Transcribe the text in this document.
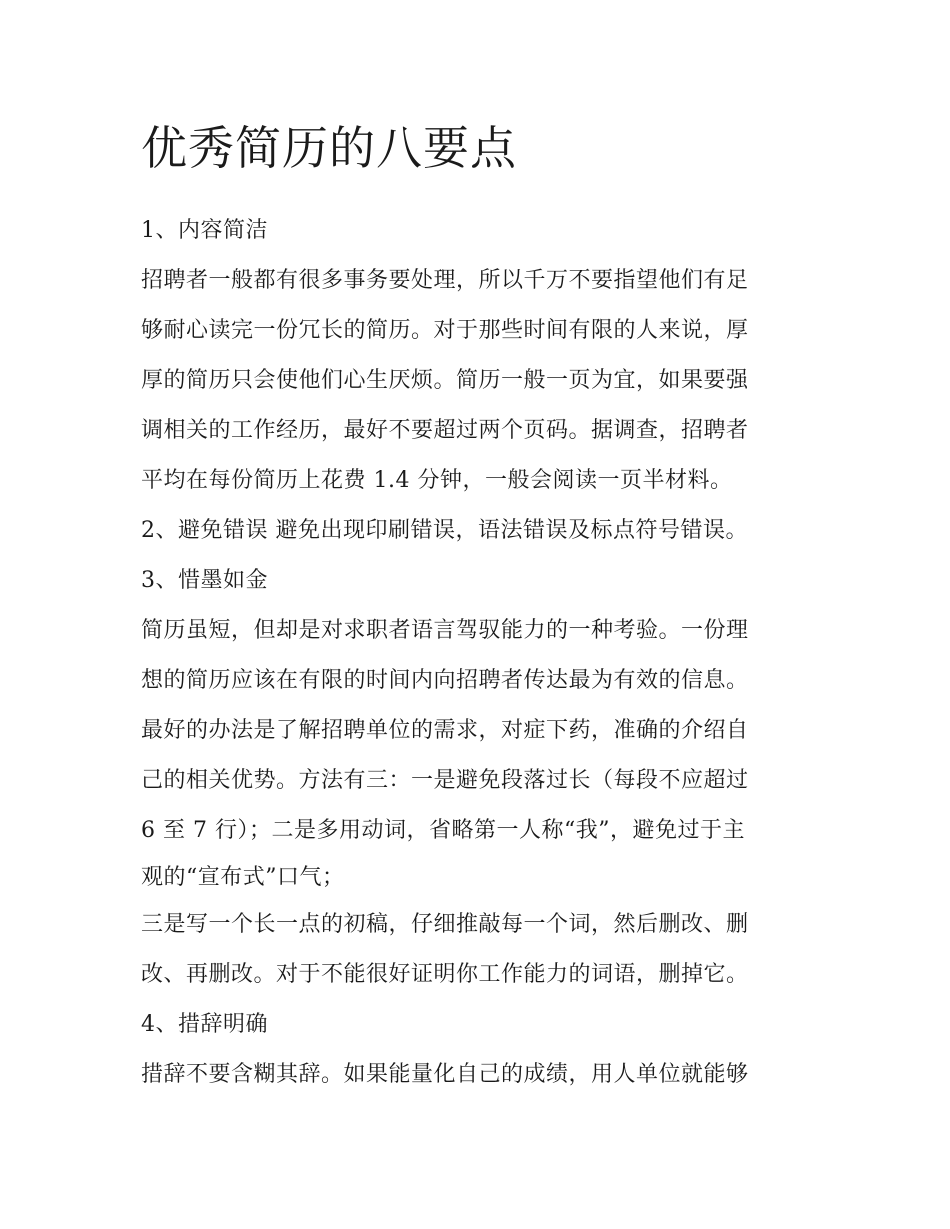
优秀简历的八要点

1、内容简洁

招聘者一般都有很多事务要处理，所以千万不要指望他们有足

够耐心读完一份冗长的简历。对于那些时间有限的人来说，厚

厚的简历只会使他们心生厌烦。简历一般一页为宜，如果要强

调相关的工作经历，最好不要超过两个页码。据调查，招聘者

平均在每份简历上花费 1.4 分钟，一般会阅读一页半材料。

2、避免错误 避免出现印刷错误，语法错误及标点符号错误。

3、惜墨如金

简历虽短，但却是对求职者语言驾驭能力的一种考验。一份理

想的简历应该在有限的时间内向招聘者传达最为有效的信息。

最好的办法是了解招聘单位的需求，对症下药，准确的介绍自

己的相关优势。方法有三：一是避免段落过长（每段不应超过

6 至 7 行）；二是多用动词，省略第一人称“我”，避免过于主

观的“宣布式”口气；

三是写一个长一点的初稿，仔细推敲每一个词，然后删改、删

改、再删改。对于不能很好证明你工作能力的词语，删掉它。

4、措辞明确

措辞不要含糊其辞。如果能量化自己的成绩，用人单位就能够
